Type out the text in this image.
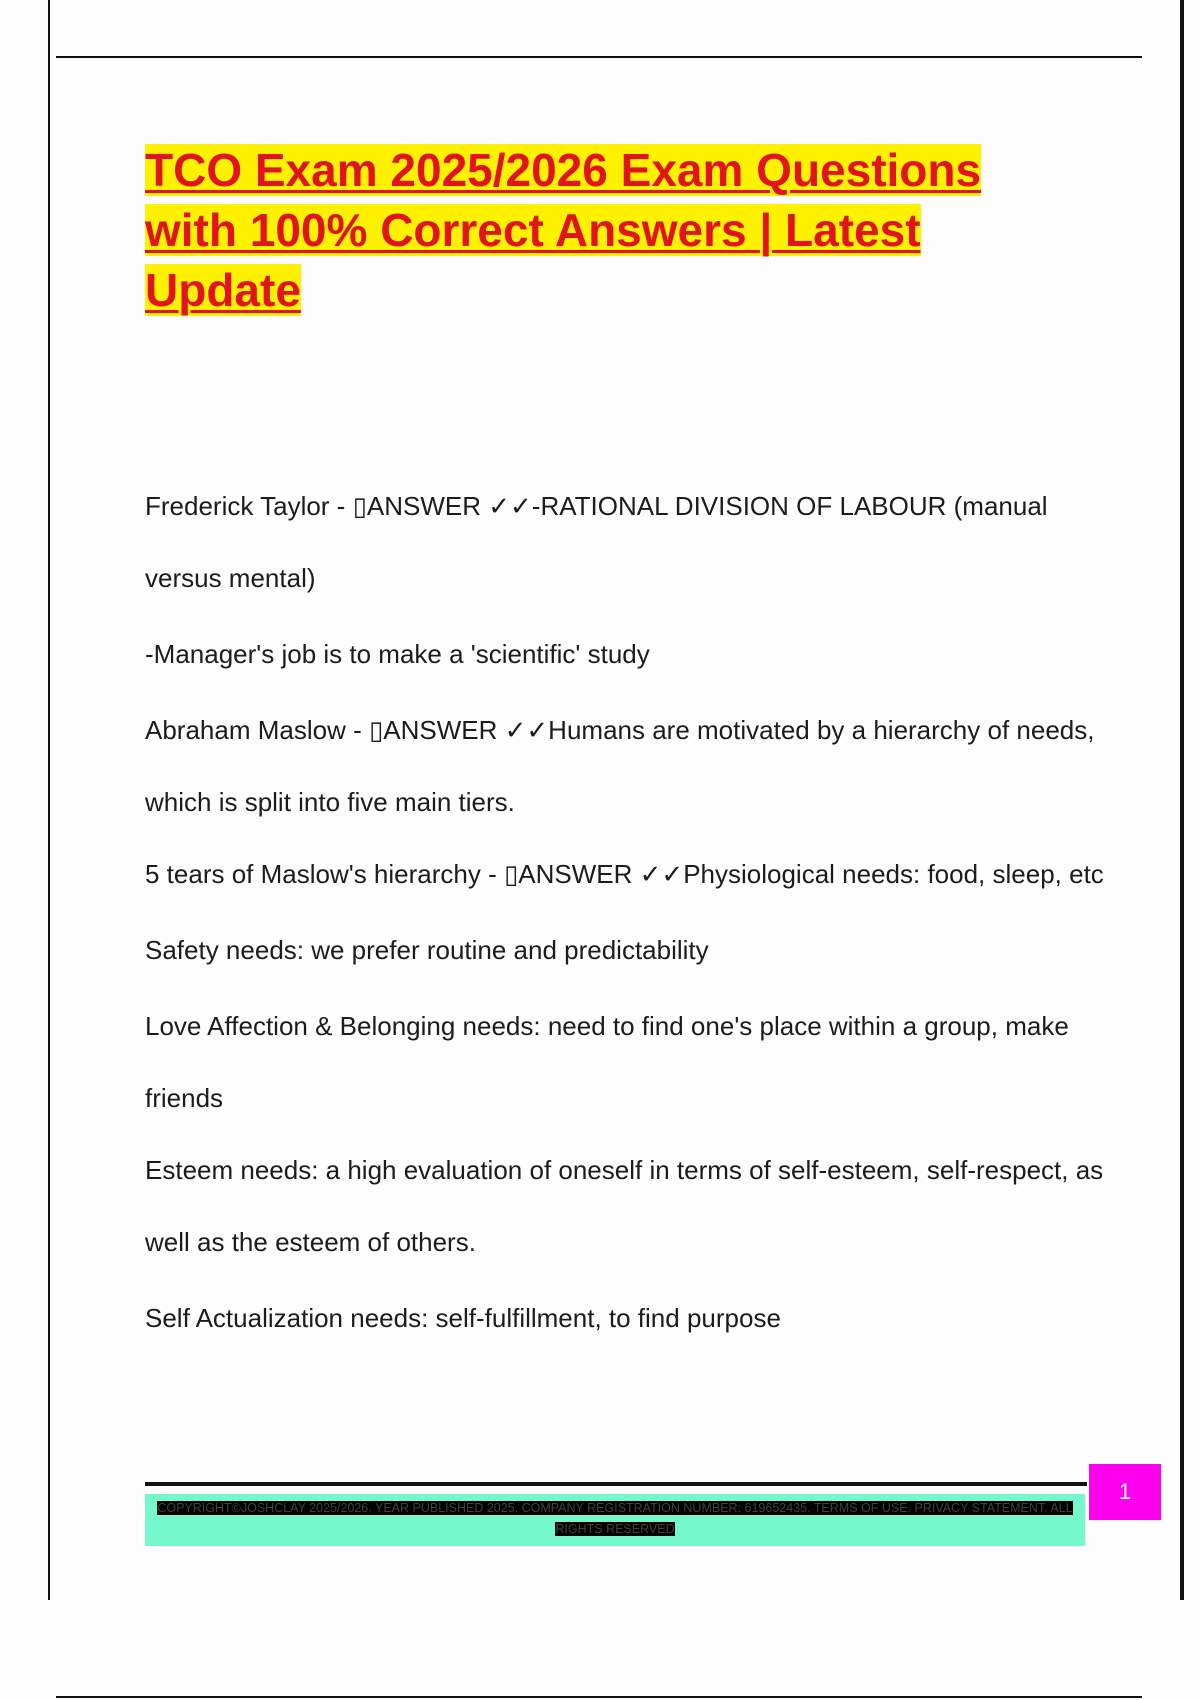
TCO Exam 2025/2026 Exam Questions with 100% Correct Answers | Latest Update

Frederick Taylor - ▯ANSWER ✓✓-RATIONAL DIVISION OF LABOUR (manual versus mental)

-Manager's job is to make a 'scientific' study

Abraham Maslow - ▯ANSWER ✓✓Humans are motivated by a hierarchy of needs, which is split into five main tiers.

5 tears of Maslow's hierarchy - ▯ANSWER ✓✓Physiological needs: food, sleep, etc

Safety needs: we prefer routine and predictability

Love Affection & Belonging needs: need to find one's place within a group, make friends

Esteem needs: a high evaluation of oneself in terms of self-esteem, self-respect, as well as the esteem of others.

Self Actualization needs: self-fulfillment, to find purpose

COPYRIGHT©JOSHCLAY 2025/2026. YEAR PUBLISHED 2025. COMPANY REGISTRATION NUMBER: 619652435. TERMS OF USE. PRIVACY STATEMENT. ALL RIGHTS RESERVED
1
